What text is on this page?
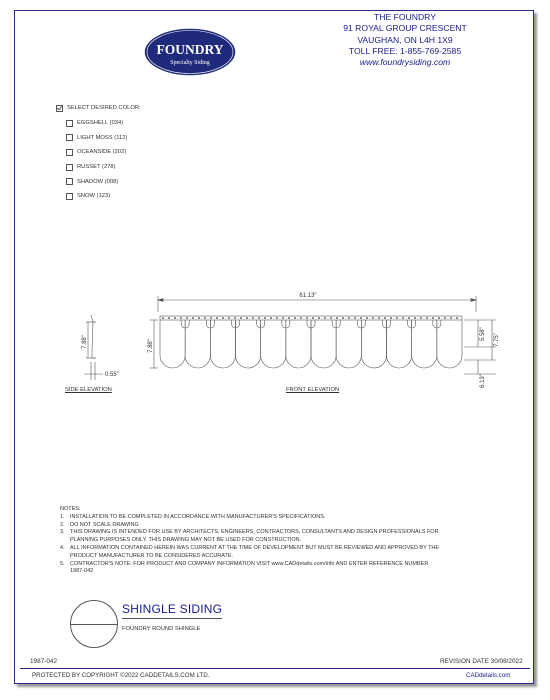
FOUNDRY
Specialty Siding
THE FOUNDRY
91 ROYAL GROUP CRESCENT
VAUGHAN, ON L4H 1X9
TOLL FREE: 1-855-769-2585
www.foundrysiding.com
SELECT DESIRED COLOR:
EGGSHELL (034)
LIGHT MOSS (112)
OCEANSIDE (202)
RUSSET (278)
SHADOW (008)
SNOW (123)
61.13"
7.88"
7.88"
0.55"
5.58" 7.75"
6.13"
SIDE ELEVATION	FRONT ELEVATION
NOTES:
1. INSTALLATION TO BE COMPLETED IN ACCORDANCE WITH MANUFACTURER'S SPECIFICATIONS.
2. DO NOT SCALE DRAWING
3. THIS DRAWING IS INTENDED FOR USE BY ARCHITECTS, ENGINEERS, CONTRACTORS, CONSULTANTS AND DESIGN PROFESSIONALS FOR PLANNING PURPOSES ONLY. THIS DRAWING MAY NOT BE USED FOR CONSTRUCTION.
4. ALL INFORMATION CONTAINED HEREIN WAS CURRENT AT THE TIME OF DEVELOPMENT BUT MUST BE REVIEWED AND APPROVED BY THE PRODUCT MANUFACTURER TO BE CONSIDERED ACCURATE.
5. CONTRACTOR'S NOTE: FOR PRODUCT AND COMPANY INFORMATION VISIT www.CADdetails.com/info AND ENTER REFERENCE NUMBER 1987-042
SHINGLE SIDING
FOUNDRY ROUND SHINGLE
1987-042	REVISION DATE 30/08/2022
PROTECTED BY COPYRIGHT ©2022 CADDETAILS.COM LTD.	CADdetails.com
